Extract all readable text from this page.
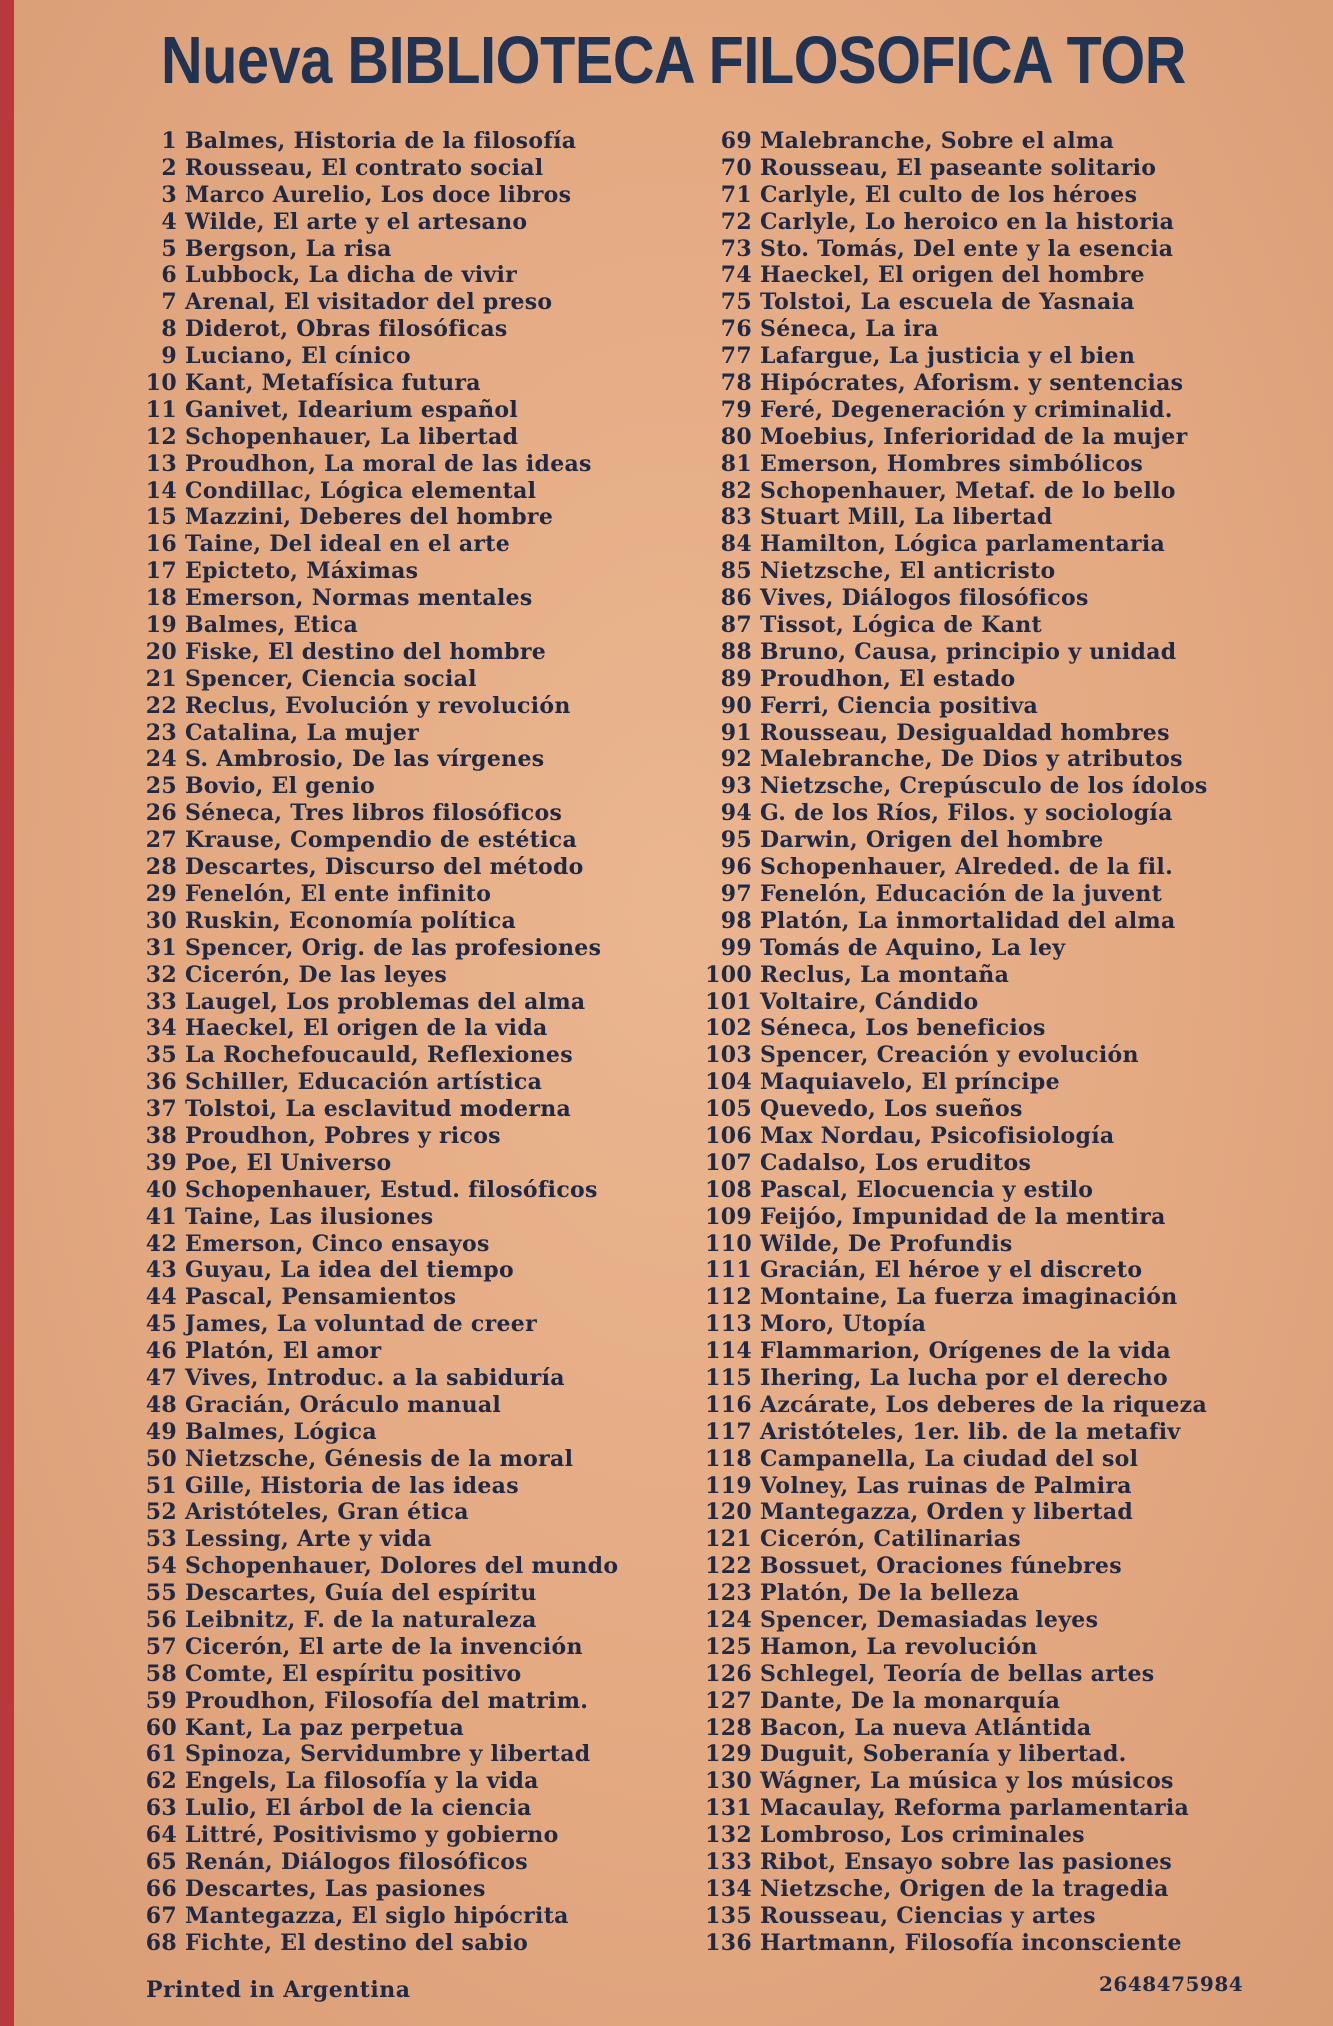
Nueva BIBLIOTECA FILOSOFICA TOR
1 Balmes, Historia de la filosofía
2 Rousseau, El contrato social
3 Marco Aurelio, Los doce libros
4 Wilde, El arte y el artesano
5 Bergson, La risa
6 Lubbock, La dicha de vivir
7 Arenal, El visitador del preso
8 Diderot, Obras filosóficas
9 Luciano, El cínico
10 Kant, Metafísica futura
11 Ganivet, Idearium español
12 Schopenhauer, La libertad
13 Proudhon, La moral de las ideas
14 Condillac, Lógica elemental
15 Mazzini, Deberes del hombre
16 Taine, Del ideal en el arte
17 Epicteto, Máximas
18 Emerson, Normas mentales
19 Balmes, Etica
20 Fiske, El destino del hombre
21 Spencer, Ciencia social
22 Reclus, Evolución y revolución
23 Catalina, La mujer
24 S. Ambrosio, De las vírgenes
25 Bovio, El genio
26 Séneca, Tres libros filosóficos
27 Krause, Compendio de estética
28 Descartes, Discurso del método
29 Fenelón, El ente infinito
30 Ruskin, Economía política
31 Spencer, Orig. de las profesiones
32 Cicerón, De las leyes
33 Laugel, Los problemas del alma
34 Haeckel, El origen de la vida
35 La Rochefoucauld, Reflexiones
36 Schiller, Educación artística
37 Tolstoi, La esclavitud moderna
38 Proudhon, Pobres y ricos
39 Poe, El Universo
40 Schopenhauer, Estud. filosóficos
41 Taine, Las ilusiones
42 Emerson, Cinco ensayos
43 Guyau, La idea del tiempo
44 Pascal, Pensamientos
45 James, La voluntad de creer
46 Platón, El amor
47 Vives, Introduc. a la sabiduría
48 Gracián, Oráculo manual
49 Balmes, Lógica
50 Nietzsche, Génesis de la moral
51 Gille, Historia de las ideas
52 Aristóteles, Gran ética
53 Lessing, Arte y vida
54 Schopenhauer, Dolores del mundo
55 Descartes, Guía del espíritu
56 Leibnitz, F. de la naturaleza
57 Cicerón, El arte de la invención
58 Comte, El espíritu positivo
59 Proudhon, Filosofía del matrim.
60 Kant, La paz perpetua
61 Spinoza, Servidumbre y libertad
62 Engels, La filosofía y la vida
63 Lulio, El árbol de la ciencia
64 Littré, Positivismo y gobierno
65 Renán, Diálogos filosóficos
66 Descartes, Las pasiones
67 Mantegazza, El siglo hipócrita
68 Fichte, El destino del sabio
69 Malebranche, Sobre el alma
70 Rousseau, El paseante solitario
71 Carlyle, El culto de los héroes
72 Carlyle, Lo heroico en la historia
73 Sto. Tomás, Del ente y la esencia
74 Haeckel, El origen del hombre
75 Tolstoi, La escuela de Yasnaia
76 Séneca, La ira
77 Lafargue, La justicia y el bien
78 Hipócrates, Aforism. y sentencias
79 Feré, Degeneración y criminalid.
80 Moebius, Inferioridad de la mujer
81 Emerson, Hombres simbólicos
82 Schopenhauer, Metaf. de lo bello
83 Stuart Mill, La libertad
84 Hamilton, Lógica parlamentaria
85 Nietzsche, El anticristo
86 Vives, Diálogos filosóficos
87 Tissot, Lógica de Kant
88 Bruno, Causa, principio y unidad
89 Proudhon, El estado
90 Ferri, Ciencia positiva
91 Rousseau, Desigualdad hombres
92 Malebranche, De Dios y atributos
93 Nietzsche, Crepúsculo de los ídolos
94 G. de los Ríos, Filos. y sociología
95 Darwin, Origen del hombre
96 Schopenhauer, Alreded. de la fil.
97 Fenelón, Educación de la juvent
98 Platón, La inmortalidad del alma
99 Tomás de Aquino, La ley
100 Reclus, La montaña
101 Voltaire, Cándido
102 Séneca, Los beneficios
103 Spencer, Creación y evolución
104 Maquiavelo, El príncipe
105 Quevedo, Los sueños
106 Max Nordau, Psicofisiología
107 Cadalso, Los eruditos
108 Pascal, Elocuencia y estilo
109 Feijóo, Impunidad de la mentira
110 Wilde, De Profundis
111 Gracián, El héroe y el discreto
112 Montaine, La fuerza imaginación
113 Moro, Utopía
114 Flammarion, Orígenes de la vida
115 Ihering, La lucha por el derecho
116 Azcárate, Los deberes de la riqueza
117 Aristóteles, 1er. lib. de la metafiv
118 Campanella, La ciudad del sol
119 Volney, Las ruinas de Palmira
120 Mantegazza, Orden y libertad
121 Cicerón, Catilinarias
122 Bossuet, Oraciones fúnebres
123 Platón, De la belleza
124 Spencer, Demasiadas leyes
125 Hamon, La revolución
126 Schlegel, Teoría de bellas artes
127 Dante, De la monarquía
128 Bacon, La nueva Atlántida
129 Duguit, Soberanía y libertad.
130 Wágner, La música y los músicos
131 Macaulay, Reforma parlamentaria
132 Lombroso, Los criminales
133 Ribot, Ensayo sobre las pasiones
134 Nietzsche, Origen de la tragedia
135 Rousseau, Ciencias y artes
136 Hartmann, Filosofía inconsciente
Printed in Argentina	2648475984
